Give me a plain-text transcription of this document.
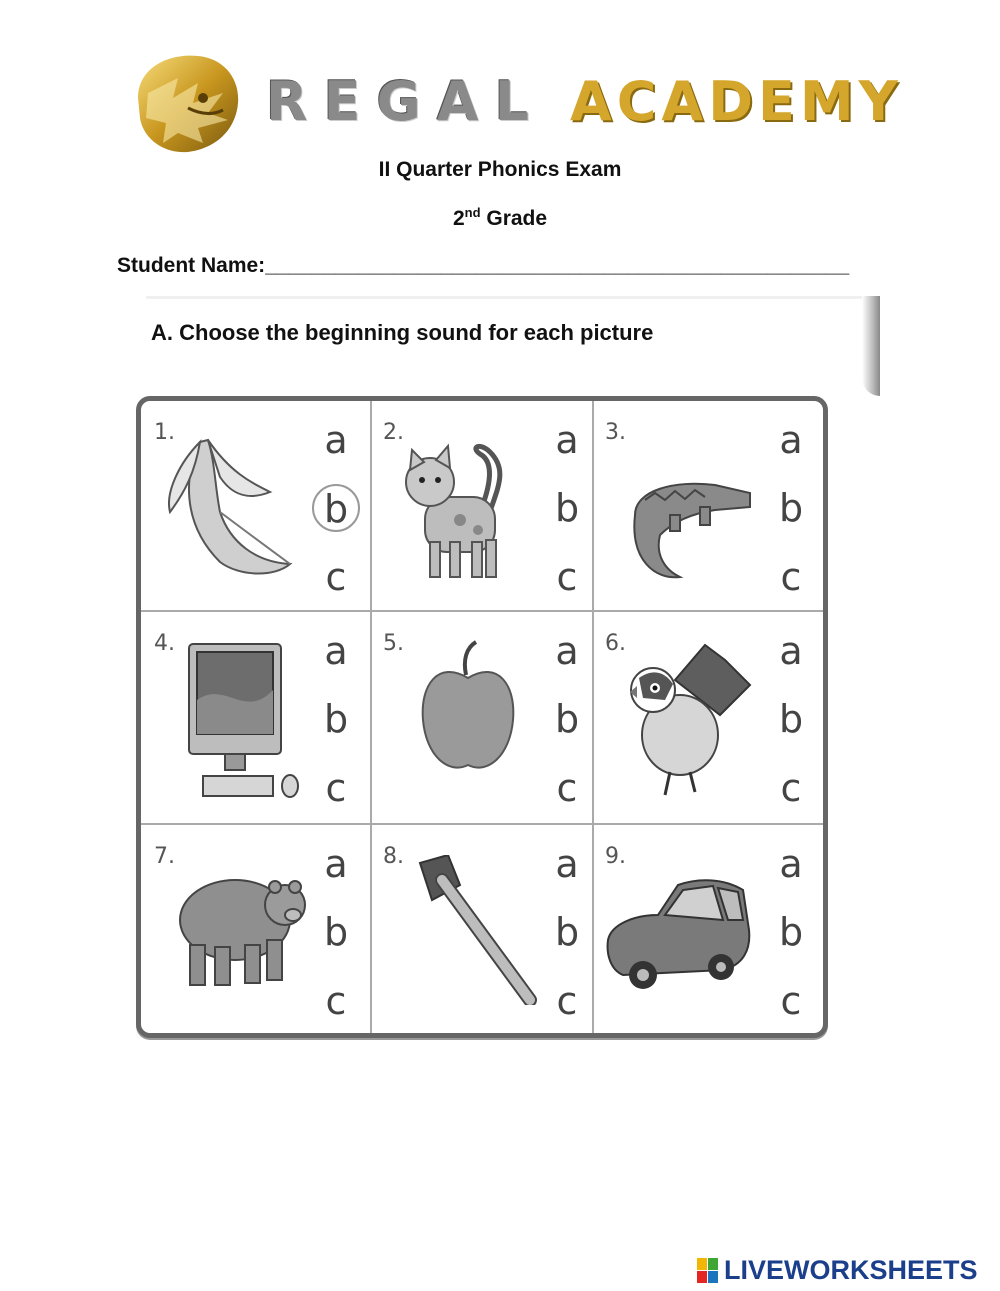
REGAL ACADEMY
II Quarter Phonics Exam
2nd Grade
Student Name:__________________________________________________
A. Choose the beginning sound for each picture
1.	a
b
c
2.	a
b
c
3.	a
b
c
4.	a
b
c
5.	a
b
c
6.	a
b
c
7.	a
b
c
8.	a
b
c
9.	a
b
c
LIVEWORKSHEETS
